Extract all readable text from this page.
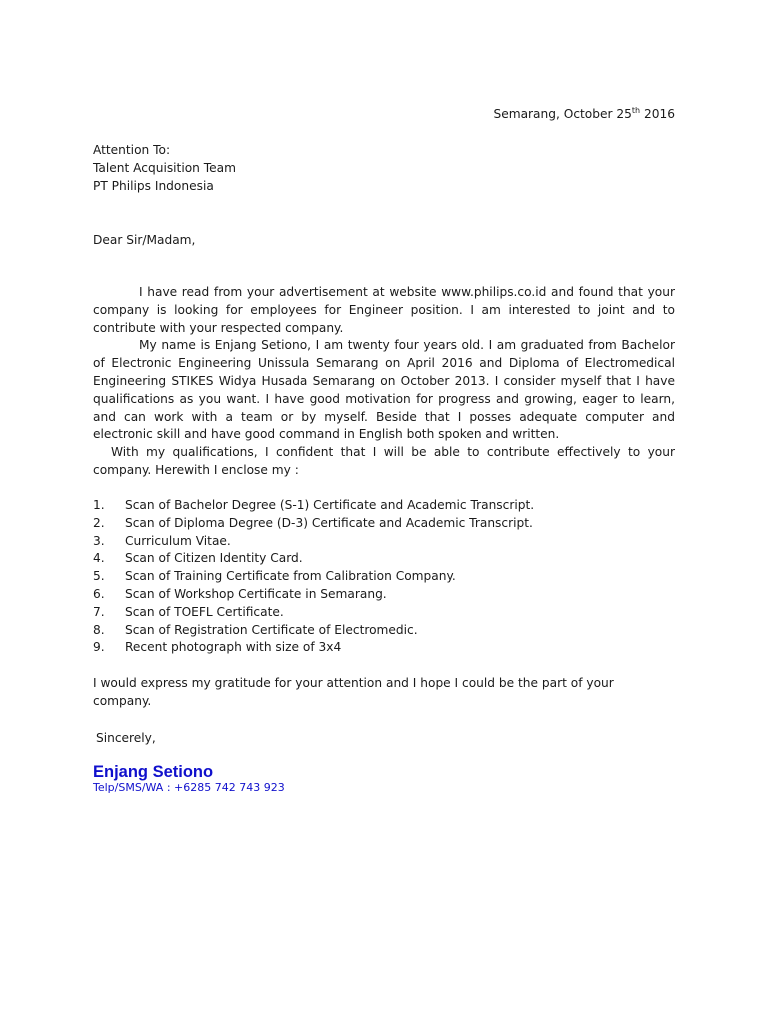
Semarang, October 25th 2016
Attention To:
Talent Acquisition Team
PT Philips Indonesia
Dear Sir/Madam,

I have read from your advertisement at website www.philips.co.id and found that your company is looking for employees for Engineer position. I am interested to joint and to contribute with your respected company.

My name is Enjang Setiono, I am twenty four years old. I am graduated from Bachelor of Electronic Engineering Unissula Semarang on April 2016 and Diploma of Electromedical Engineering STIKES Widya Husada Semarang on October 2013. I consider myself that I have qualifications as you want. I have good motivation for progress and growing, eager to learn, and can work with a team or by myself. Beside that I posses adequate computer and electronic skill and have good command in English both spoken and written.

With my qualifications, I confident that I will be able to contribute effectively to your company. Herewith I enclose my :

1. Scan of Bachelor Degree (S-1) Certificate and Academic Transcript.
2. Scan of Diploma Degree (D-3) Certificate and Academic Transcript.
3. Curriculum Vitae.
4. Scan of Citizen Identity Card.
5. Scan of Training Certificate from Calibration Company.
6. Scan of Workshop Certificate in Semarang.
7. Scan of TOEFL Certificate.
8. Scan of Registration Certificate of Electromedic.
9. Recent photograph with size of 3x4

I would express my gratitude for your attention and I hope I could be the part of your company.

Sincerely,
Enjang Setiono
Telp/SMS/WA : +6285 742 743 923
